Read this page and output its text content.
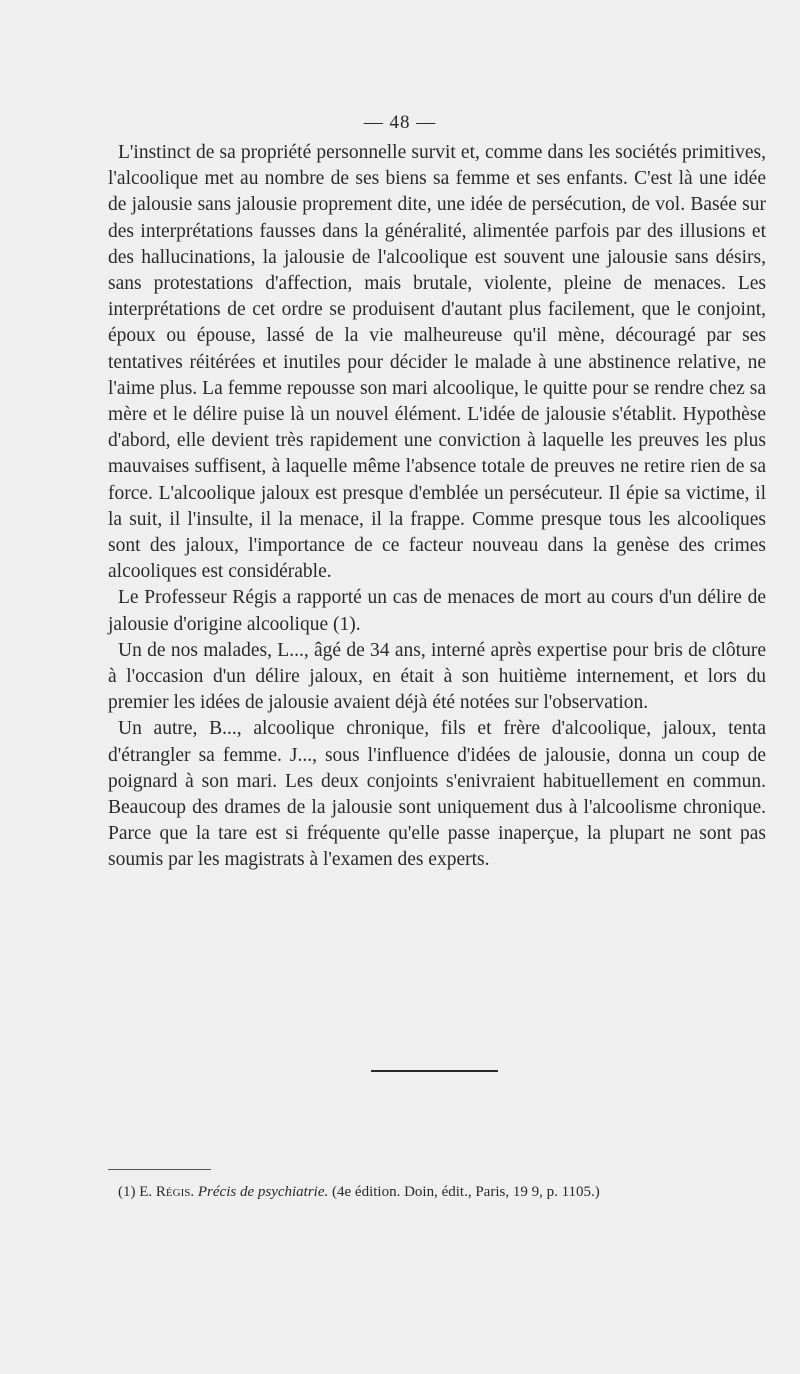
— 48 —

L'instinct de sa propriété personnelle survit et, comme dans les sociétés primitives, l'alcoolique met au nombre de ses biens sa femme et ses enfants. C'est là une idée de jalousie sans jalousie proprement dite, une idée de persécution, de vol. Basée sur des interprétations fausses dans la généralité, alimentée parfois par des illusions et des hallucinations, la jalousie de l'alcoolique est souvent une jalousie sans désirs, sans protestations d'affection, mais brutale, violente, pleine de menaces. Les interprétations de cet ordre se produisent d'autant plus facilement, que le conjoint, époux ou épouse, lassé de la vie malheureuse qu'il mène, découragé par ses tentatives réitérées et inutiles pour décider le malade à une abstinence relative, ne l'aime plus. La femme repousse son mari alcoolique, le quitte pour se rendre chez sa mère et le délire puise là un nouvel élément. L'idée de jalousie s'établit. Hypothèse d'abord, elle devient très rapidement une conviction à laquelle les preuves les plus mauvaises suffisent, à laquelle même l'absence totale de preuves ne retire rien de sa force. L'alcoolique jaloux est presque d'emblée un persécuteur. Il épie sa victime, il la suit, il l'insulte, il la menace, il la frappe. Comme presque tous les alcooliques sont des jaloux, l'importance de ce facteur nouveau dans la genèse des crimes alcooliques est considérable.

Le Professeur Régis a rapporté un cas de menaces de mort au cours d'un délire de jalousie d'origine alcoolique (1).

Un de nos malades, L..., âgé de 34 ans, interné après expertise pour bris de clôture à l'occasion d'un délire jaloux, en était à son huitième internement, et lors du premier les idées de jalousie avaient déjà été notées sur l'observation.

Un autre, B..., alcoolique chronique, fils et frère d'alcoolique, jaloux, tenta d'étrangler sa femme. J..., sous l'influence d'idées de jalousie, donna un coup de poignard à son mari. Les deux conjoints s'enivraient habituellement en commun. Beaucoup des drames de la jalousie sont uniquement dus à l'alcoolisme chronique. Parce que la tare est si fréquente qu'elle passe inaperçue, la plupart ne sont pas soumis par les magistrats à l'examen des experts.

(1) E. Régis. Précis de psychiatrie. (4e édition. Doin, édit., Paris, 19 9, p. 1105.)
